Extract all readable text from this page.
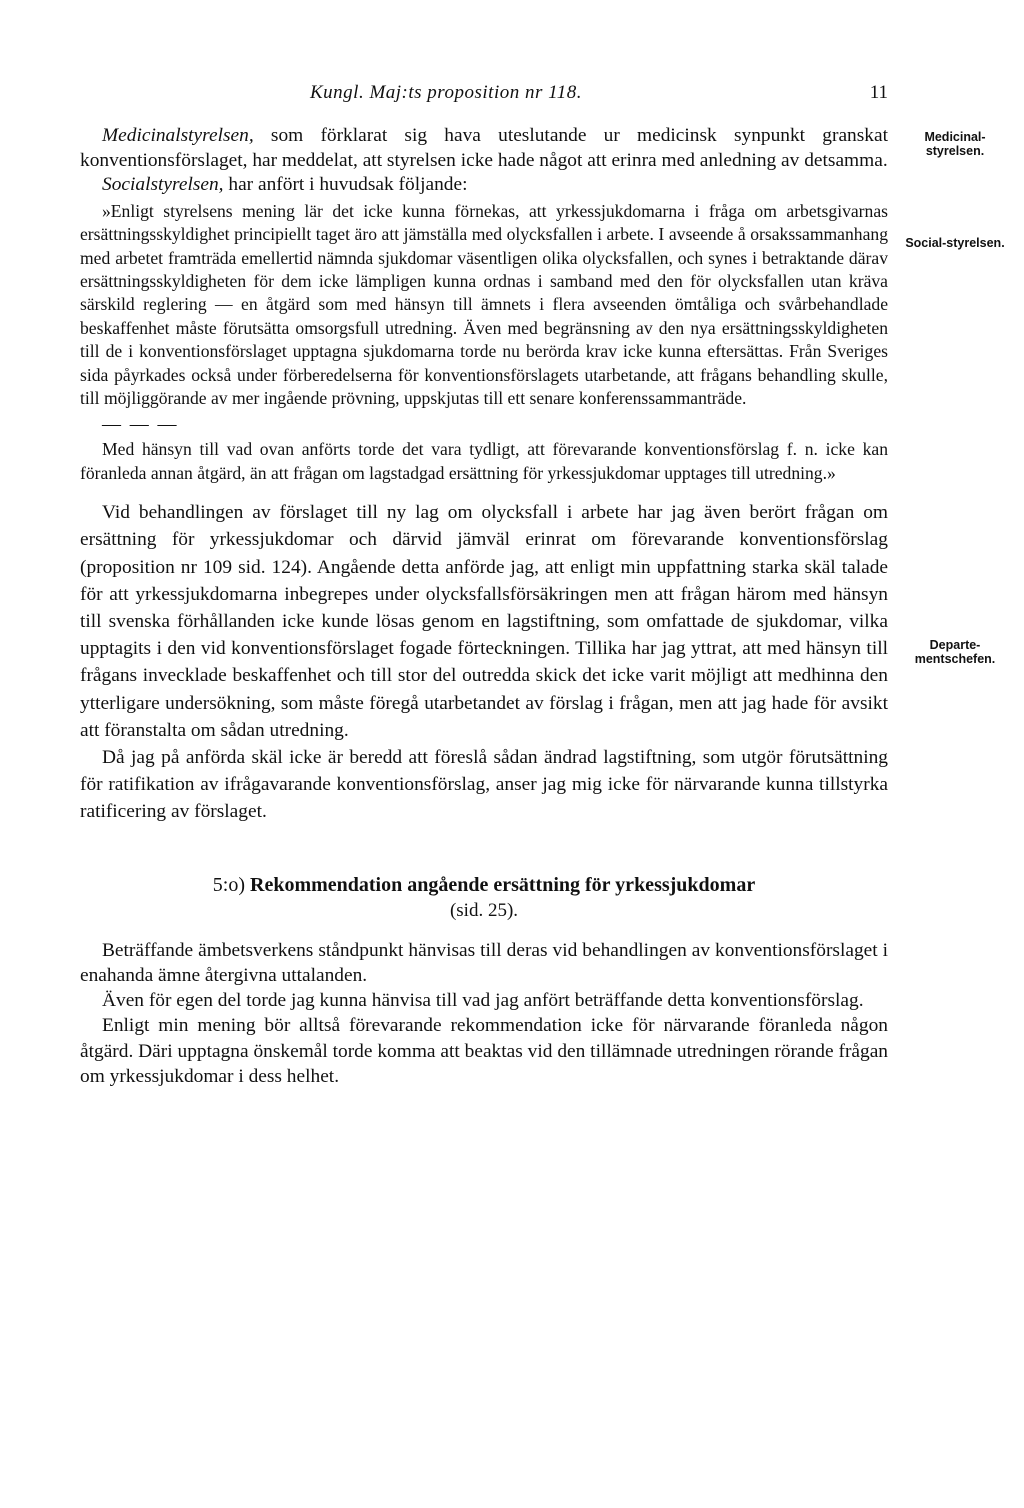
Kungl. Maj:ts proposition nr 118.	11
Medicinal-styrelsen.
Social-styrelsen.
Departe-mentschefen.

Medicinalstyrelsen, som förklarat sig hava uteslutande ur medicinsk synpunkt granskat konventionsförslaget, har meddelat, att styrelsen icke hade något att erinra med anledning av detsamma.

Socialstyrelsen, har anfört i huvudsak följande:

»Enligt styrelsens mening lär det icke kunna förnekas, att yrkessjukdomarna i fråga om arbetsgivarnas ersättningsskyldighet principiellt taget äro att jämställa med olycksfallen i arbete. I avseende å orsakssammanhang med arbetet framträda emellertid nämnda sjukdomar väsentligen olika olycksfallen, och synes i betraktande därav ersättningsskyldigheten för dem icke lämpligen kunna ordnas i samband med den för olycksfallen utan kräva särskild reglering — en åtgärd som med hänsyn till ämnets i flera avseenden ömtåliga och svårbehandlade beskaffenhet måste förutsätta omsorgsfull utredning. Även med begränsning av den nya ersättningsskyldigheten till de i konventionsförslaget upptagna sjukdomarna torde nu berörda krav icke kunna eftersättas. Från Sveriges sida påyrkades också under förberedelserna för konventionsförslagets utarbetande, att frågans behandling skulle, till möjliggörande av mer ingående prövning, uppskjutas till ett senare konferenssammanträde.

— — —

Med hänsyn till vad ovan anförts torde det vara tydligt, att förevarande konventionsförslag f. n. icke kan föranleda annan åtgärd, än att frågan om lagstadgad ersättning för yrkessjukdomar upptages till utredning.»

Vid behandlingen av förslaget till ny lag om olycksfall i arbete har jag även berört frågan om ersättning för yrkessjukdomar och därvid jämväl erinrat om förevarande konventionsförslag (proposition nr 109 sid. 124). Angående detta anförde jag, att enligt min uppfattning starka skäl talade för att yrkessjukdomarna inbegrepes under olycksfallsförsäkringen men att frågan härom med hänsyn till svenska förhållanden icke kunde lösas genom en lagstiftning, som omfattade de sjukdomar, vilka upptagits i den vid konventionsförslaget fogade förteckningen. Tillika har jag yttrat, att med hänsyn till frågans invecklade beskaffenhet och till stor del outredda skick det icke varit möjligt att medhinna den ytterligare undersökning, som måste föregå utarbetandet av förslag i frågan, men att jag hade för avsikt att föranstalta om sådan utredning.

Då jag på anförda skäl icke är beredd att föreslå sådan ändrad lagstiftning, som utgör förutsättning för ratifikation av ifrågavarande konventionsförslag, anser jag mig icke för närvarande kunna tillstyrka ratificering av förslaget.

5:o) Rekommendation angående ersättning för yrkessjukdomar
(sid. 25).

Beträffande ämbetsverkens ståndpunkt hänvisas till deras vid behandlingen av konventionsförslaget i enahanda ämne återgivna uttalanden.

Även för egen del torde jag kunna hänvisa till vad jag anfört beträffande detta konventionsförslag.

Enligt min mening bör alltså förevarande rekommendation icke för närvarande föranleda någon åtgärd. Däri upptagna önskemål torde komma att beaktas vid den tillämnade utredningen rörande frågan om yrkessjukdomar i dess helhet.
